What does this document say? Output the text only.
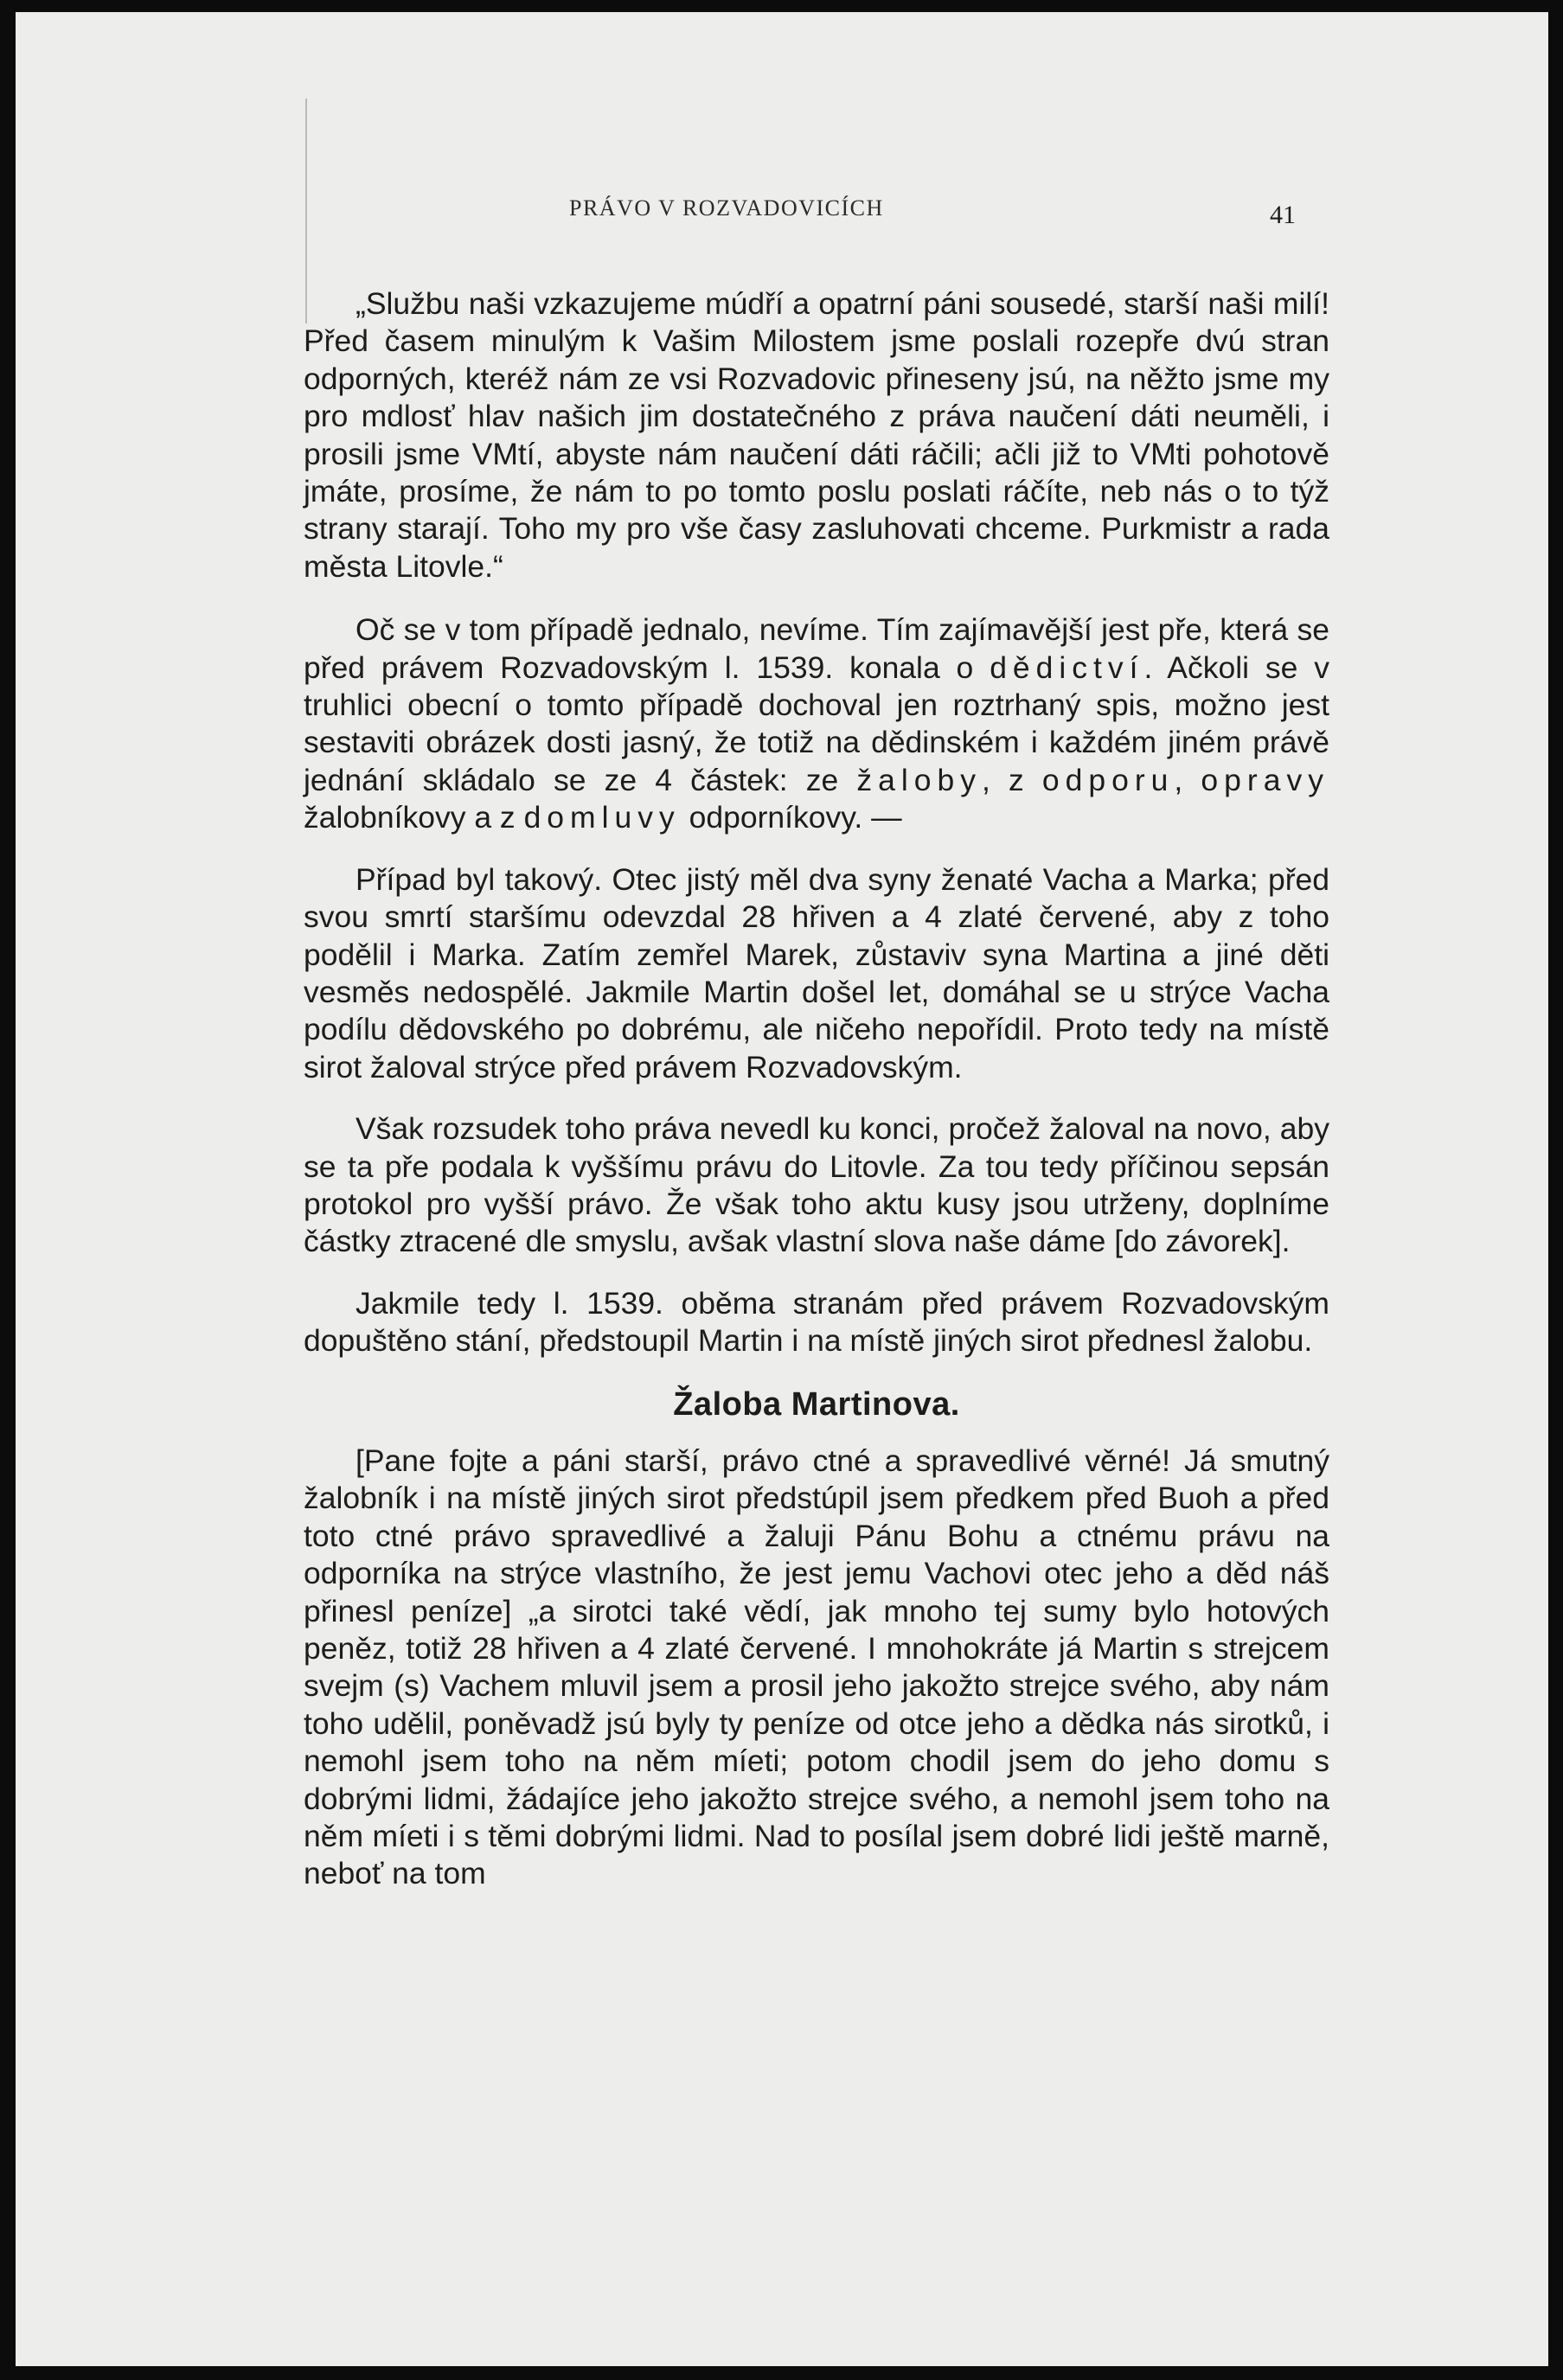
PRÁVO V ROZVADOVICÍCH	41

„Službu naši vzkazujeme múdří a opatrní páni sousedé, starší naši milí! Před časem minulým k Vašim Milostem jsme poslali rozepře dvú stran odporných, kteréž nám ze vsi Rozvadovic přineseny jsú, na něžto jsme my pro mdlosť hlav našich jim dostatečného z práva naučení dáti neuměli, i prosili jsme VMtí, abyste nám naučení dáti ráčili; ačli již to VMti pohotově jmáte, prosíme, že nám to po tomto poslu poslati ráčíte, neb nás o to týž strany starají. Toho my pro vše časy zasluhovati chceme. Purkmistr a rada města Litovle.“

Oč se v tom případě jednalo, nevíme. Tím zajímavější jest pře, která se před právem Rozvadovským l. 1539. konala o dědictví. Ačkoli se v truhlici obecní o tomto případě dochoval jen roztrhaný spis, možno jest sestaviti obrázek dosti jasný, že totiž na dědinském i každém jiném právě jednání skládalo se ze 4 částek: ze žaloby, z odporu, opravy žalobníkovy a z domluvy odporníkovy. —

Případ byl takový. Otec jistý měl dva syny ženaté Vacha a Marka; před svou smrtí staršímu odevzdal 28 hřiven a 4 zlaté červené, aby z toho podělil i Marka. Zatím zemřel Marek, zůstaviv syna Martina a jiné děti vesměs nedospělé. Jakmile Martin došel let, domáhal se u strýce Vacha podílu dědovského po dobrému, ale ničeho nepořídil. Proto tedy na místě sirot žaloval strýce před právem Rozvadovským.

Však rozsudek toho práva nevedl ku konci, pročež žaloval na novo, aby se ta pře podala k vyššímu právu do Litovle. Za tou tedy příčinou sepsán protokol pro vyšší právo. Že však toho aktu kusy jsou utrženy, doplníme částky ztracené dle smyslu, avšak vlastní slova naše dáme [do závorek].

Jakmile tedy l. 1539. oběma stranám před právem Rozvadovským dopuštěno stání, předstoupil Martin i na místě jiných sirot přednesl žalobu.

Žaloba Martinova.

[Pane fojte a páni starší, právo ctné a spravedlivé věrné! Já smutný žalobník i na místě jiných sirot předstúpil jsem předkem před Buoh a před toto ctné právo spravedlivé a žaluji Pánu Bohu a ctnému právu na odporníka na strýce vlastního, že jest jemu Vachovi otec jeho a děd náš přinesl peníze] „a sirotci také vědí, jak mnoho tej sumy bylo hotových peněz, totiž 28 hřiven a 4 zlaté červené. I mnohokráte já Martin s strejcem svejm (s) Vachem mluvil jsem a prosil jeho jakožto strejce svého, aby nám toho udělil, poněvadž jsú byly ty peníze od otce jeho a dědka nás sirotků, i nemohl jsem toho na něm míeti; potom chodil jsem do jeho domu s dobrými lidmi, žádajíce jeho jakožto strejce svého, a nemohl jsem toho na něm míeti i s těmi dobrými lidmi. Nad to posílal jsem dobré lidi ještě marně, neboť na tom
